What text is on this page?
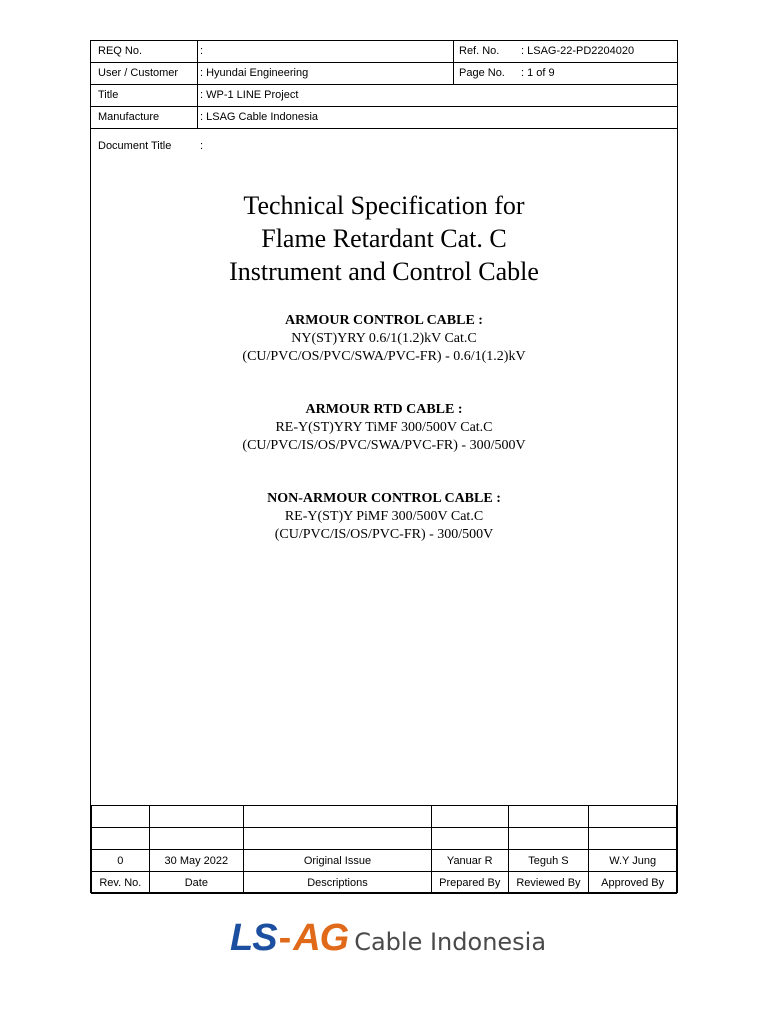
REQ No.	:	Ref. No. : LSAG-22-PD2204020
User / Customer : Hyundai Engineering	Page No. : 1 of 9
Title	: WP-1 LINE Project
Manufacture	: LSAG Cable Indonesia
Document Title	:
Technical Specification for
Flame Retardant Cat. C
Instrument and Control Cable
ARMOUR CONTROL CABLE :
NY(ST)YRY 0.6/1(1.2)kV Cat.C
(CU/PVC/OS/PVC/SWA/PVC-FR) - 0.6/1(1.2)kV
ARMOUR RTD CABLE :
RE-Y(ST)YRY TiMF 300/500V Cat.C
(CU/PVC/IS/OS/PVC/SWA/PVC-FR) - 300/500V
NON-ARMOUR CONTROL CABLE :
RE-Y(ST)Y PiMF 300/500V Cat.C
(CU/PVC/IS/OS/PVC-FR) - 300/500V

0	30 May 2022	Original Issue	Yanuar R	Teguh S	W.Y Jung
Rev. No.	Date	Descriptions	Prepared By	Reviewed By	Approved By
LS - AG Cable Indonesia
